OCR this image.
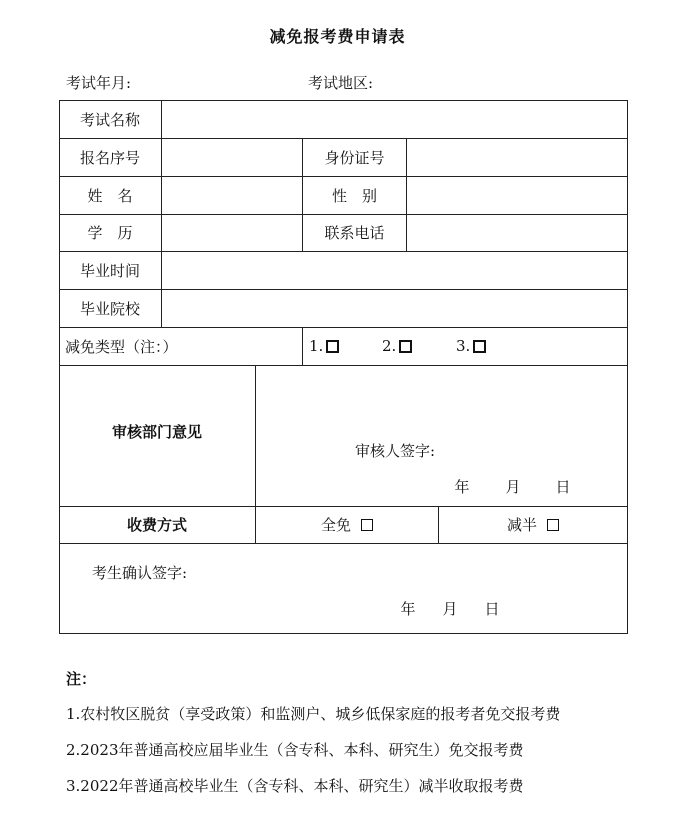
减免报考费申请表
考试年月:	考试地区:
考试名称
报名序号	身份证号
姓　名	性　别
学　历	联系电话
毕业时间
毕业院校
减免类型（注：）	1.	2.	3.
审核部门意见
审核人签字:
年 月 日
收费方式	全免	减半
考生确认签字:
年 月 日
注：
1.农村牧区脱贫（享受政策）和监测户、城乡低保家庭的报考者免交报考费
2.2023年普通高校应届毕业生（含专科、本科、研究生）免交报考费
3.2022年普通高校毕业生（含专科、本科、研究生）减半收取报考费
